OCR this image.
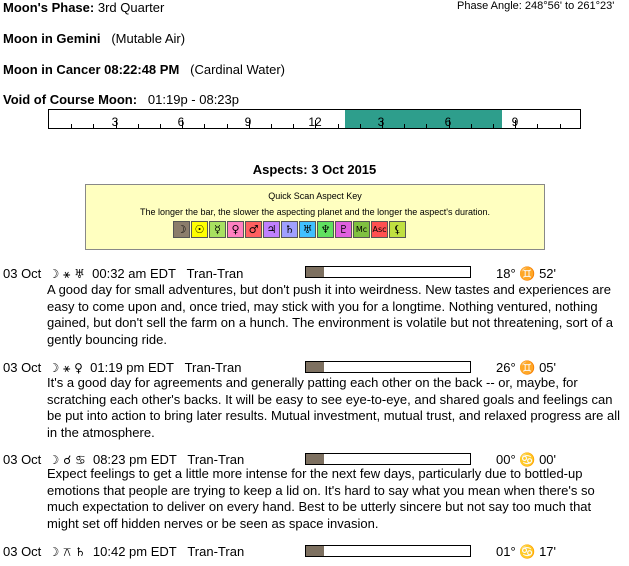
Moon's Phase: 3rd Quarter	Phase Angle: 248°56' to 261°23'
Moon in Gemini (Mutable Air)
Moon in Cancer 08:22:48 PM (Cardinal Water)
Void of Course Moon: 01:19p - 08:23p
3	6	9	12	3	6	9
Aspects: 3 Oct 2015
Quick Scan Aspect Key
The longer the bar, the slower the aspecting planet and the longer the aspect's duration.
☽ ☉ ☿ ♀ ♂ ♃ ♄ ♅ ♆ ♇ Mc Asc ⚸
03 Oct ☽ ⚹ ♅ 00:32 am EDT Tran-Tran	18° ♊ 52'
A good day for small adventures, but don't push it into weirdness. New tastes and experiences are easy to come upon and, once tried, may stick with you for a longtime. Nothing ventured, nothing gained, but don't sell the farm on a hunch. The environment is volatile but not threatening, sort of a gently bouncing ride.
03 Oct ☽ ⚹ ♀ 01:19 pm EDT Tran-Tran	26° ♊ 05'
It's a good day for agreements and generally patting each other on the back -- or, maybe, for scratching each other's backs. It will be easy to see eye-to-eye, and shared goals and feelings can be put into action to bring later results. Mutual investment, mutual trust, and relaxed progress are all in the atmosphere.
03 Oct ☽ ☌ ♋ 08:23 pm EDT Tran-Tran	00° ♋ 00'
Expect feelings to get a little more intense for the next few days, particularly due to bottled-up emotions that people are trying to keep a lid on. It's hard to say what you mean when there's so much expectation to deliver on every hand. Best to be utterly sincere but not say too much that might set off hidden nerves or be seen as space invasion.
03 Oct ☽ ⚻ ♄ 10:42 pm EDT Tran-Tran	01° ♋ 17'
